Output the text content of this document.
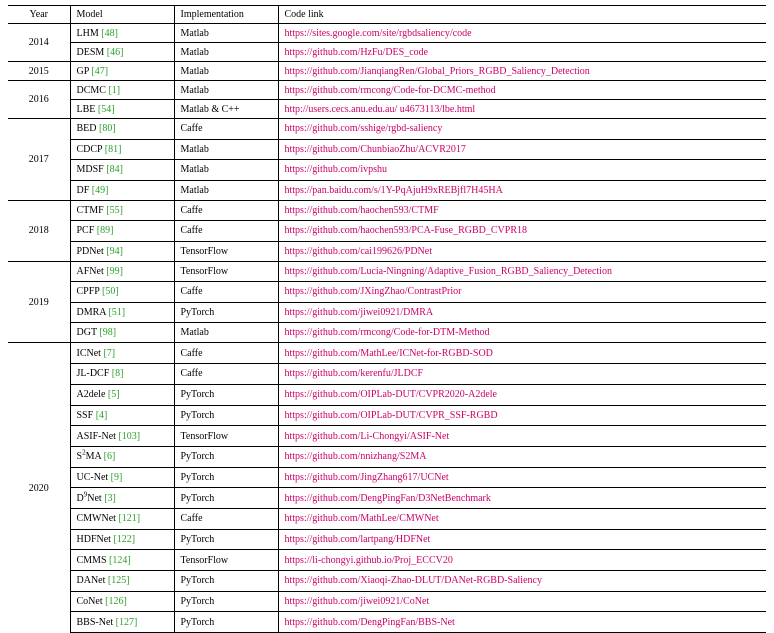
Year	Model	Implementation	Code link
2014	LHM [48]	Matlab	https://sites.google.com/site/rgbdsaliency/code
	DESM [46]	Matlab	https://github.com/HzFu/DES_code
2015	GP [47]	Matlab	https://github.com/JianqiangRen/Global_Priors_RGBD_Saliency_Detection
2016	DCMC [1]	Matlab	https://github.com/rmcong/Code-for-DCMC-method
	LBE [54]	Matlab & C++	http://users.cecs.anu.edu.au/ u4673113/lbe.html
2017	BED [80]	Caffe	https://github.com/sshige/rgbd-saliency
	CDCP [81]	Matlab	https://github.com/ChunbiaoZhu/ACVR2017
	MDSF [84]	Matlab	https://github.com/ivpshu
	DF [49]	Matlab	https://pan.baidu.com/s/1Y-PqAjuH9xREBjfl7H45HA
2018	CTMF [55]	Caffe	https://github.com/haochen593/CTMF
	PCF [89]	Caffe	https://github.com/haochen593/PCA-Fuse_RGBD_CVPR18
	PDNet [94]	TensorFlow	https://github.com/cai199626/PDNet
2019	AFNet [99]	TensorFlow	https://github.com/Lucia-Ningning/Adaptive_Fusion_RGBD_Saliency_Detection
	CPFP [50]	Caffe	https://github.com/JXingZhao/ContrastPrior
	DMRA [51]	PyTorch	https://github.com/jiwei0921/DMRA
	DGT [98]	Matlab	https://github.com/rmcong/Code-for-DTM-Method
2020	ICNet [7]	Caffe	https://github.com/MathLee/ICNet-for-RGBD-SOD
	JL-DCF [8]	Caffe	https://github.com/kerenfu/JLDCF
	A2dele [5]	PyTorch	https://github.com/OIPLab-DUT/CVPR2020-A2dele
	SSF [4]	PyTorch	https://github.com/OIPLab-DUT/CVPR_SSF-RGBD
	ASIF-Net [103]	TensorFlow	https://github.com/Li-Chongyi/ASIF-Net
	$S^2MA$ [6]	PyTorch	https://github.com/nnizhang/S2MA
	UC-Net [9]	PyTorch	https://github.com/JingZhang617/UCNet
	$D^9Net$ [3]	PyTorch	https://github.com/DengPingFan/D3NetBenchmark
	CMWNet [121]	Caffe	https://github.com/MathLee/CMWNet
	HDFNet [122]	PyTorch	https://github.com/lartpang/HDFNet
	CMMS [124]	TensorFlow	https://li-chongyi.github.io/Proj_ECCV20
	DANet [125]	PyTorch	https://github.com/Xiaoqi-Zhao-DLUT/DANet-RGBD-Saliency
	CoNet [126]	PyTorch	https://github.com/jiwei0921/CoNet
	BBS-Net [127]	PyTorch	https://github.com/DengPingFan/BBS-Net
